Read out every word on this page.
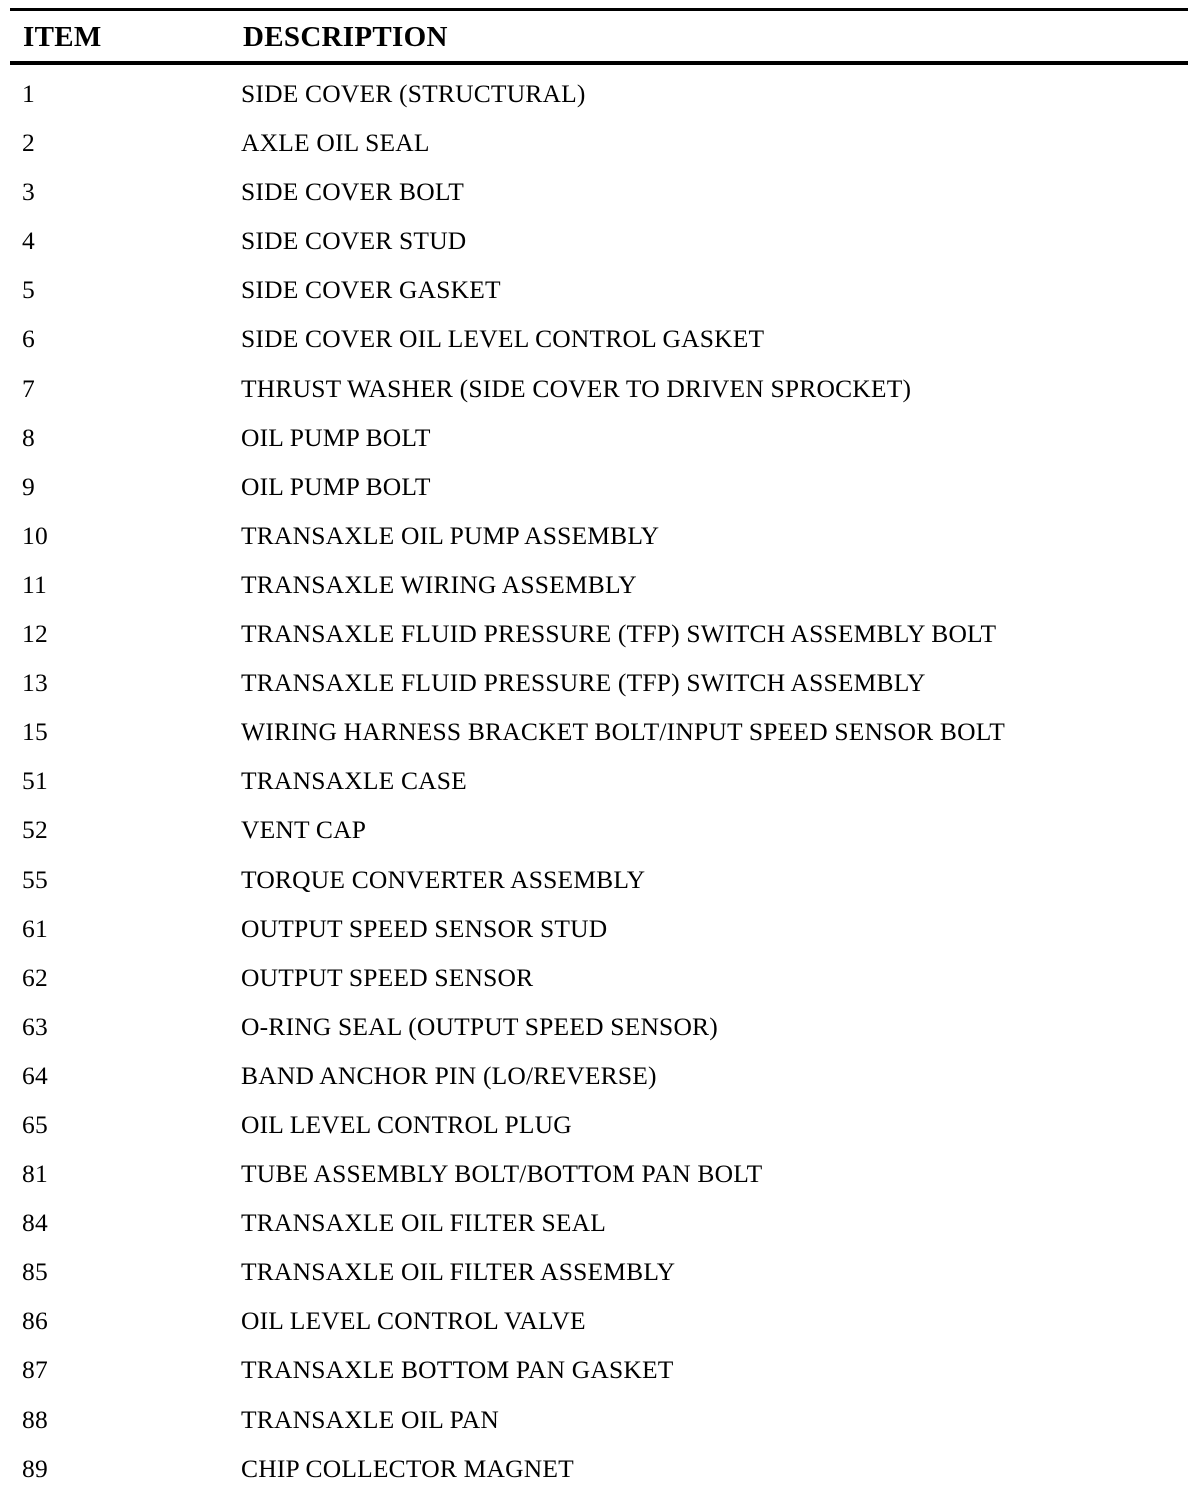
ITEM	DESCRIPTION
1	SIDE COVER (STRUCTURAL)
2	AXLE OIL SEAL
3	SIDE COVER BOLT
4	SIDE COVER STUD
5	SIDE COVER GASKET
6	SIDE COVER OIL LEVEL CONTROL GASKET
7	THRUST WASHER (SIDE COVER TO DRIVEN SPROCKET)
8	OIL PUMP BOLT
9	OIL PUMP BOLT
10	TRANSAXLE OIL PUMP ASSEMBLY
11	TRANSAXLE WIRING ASSEMBLY
12	TRANSAXLE FLUID PRESSURE (TFP) SWITCH ASSEMBLY BOLT
13	TRANSAXLE FLUID PRESSURE (TFP) SWITCH ASSEMBLY
15	WIRING HARNESS BRACKET BOLT/INPUT SPEED SENSOR BOLT
51	TRANSAXLE CASE
52	VENT CAP
55	TORQUE CONVERTER ASSEMBLY
61	OUTPUT SPEED SENSOR STUD
62	OUTPUT SPEED SENSOR
63	O-RING SEAL (OUTPUT SPEED SENSOR)
64	BAND ANCHOR PIN (LO/REVERSE)
65	OIL LEVEL CONTROL PLUG
81	TUBE ASSEMBLY BOLT/BOTTOM PAN BOLT
84	TRANSAXLE OIL FILTER SEAL
85	TRANSAXLE OIL FILTER ASSEMBLY
86	OIL LEVEL CONTROL VALVE
87	TRANSAXLE BOTTOM PAN GASKET
88	TRANSAXLE OIL PAN
89	CHIP COLLECTOR MAGNET
